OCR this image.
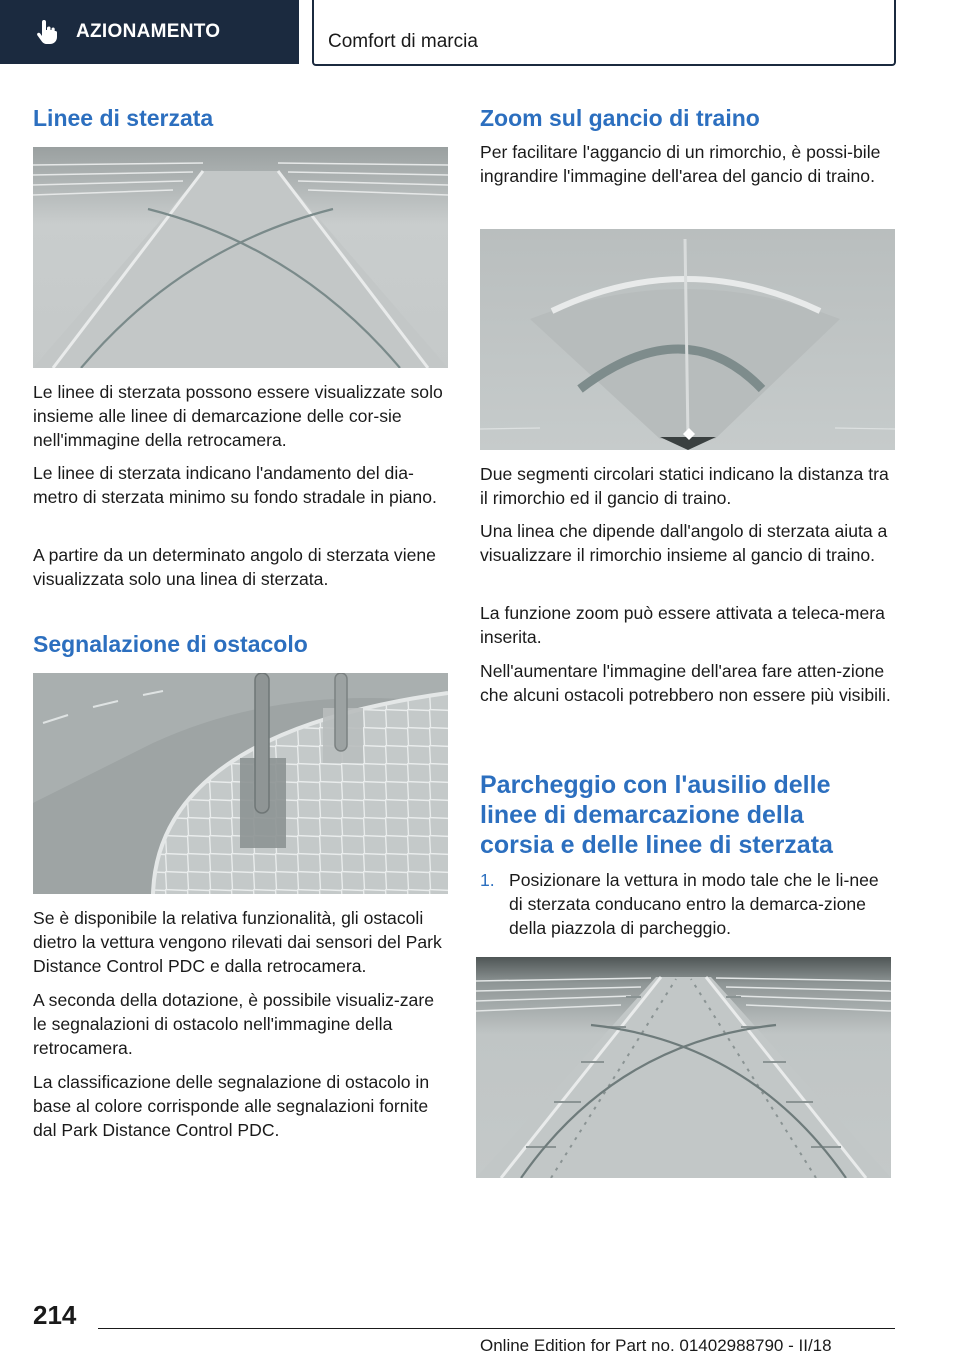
AZIONAMENTO	Comfort di marcia
Linee di sterzata

Le linee di sterzata possono essere visualizzate solo insieme alle linee di demarcazione delle cor-sie nell'immagine della retrocamera.

Le linee di sterzata indicano l'andamento del dia-metro di sterzata minimo su fondo stradale in piano.

A partire da un determinato angolo di sterzata viene visualizzata solo una linea di sterzata.

Segnalazione di ostacolo

Se è disponibile la relativa funzionalità, gli ostacoli dietro la vettura vengono rilevati dai sensori del Park Distance Control PDC e dalla retrocamera.

A seconda della dotazione, è possibile visualiz-zare le segnalazioni di ostacolo nell'immagine della retrocamera.

La classificazione delle segnalazione di ostacolo in base al colore corrisponde alle segnalazioni fornite dal Park Distance Control PDC.

Zoom sul gancio di traino

Per facilitare l'aggancio di un rimorchio, è possi-bile ingrandire l'immagine dell'area del gancio di traino.

Due segmenti circolari statici indicano la distanza tra il rimorchio ed il gancio di traino.

Una linea che dipende dall'angolo di sterzata aiuta a visualizzare il rimorchio insieme al gancio di traino.

La funzione zoom può essere attivata a teleca-mera inserita.

Nell'aumentare l'immagine dell'area fare atten-zione che alcuni ostacoli potrebbero non essere più visibili.

Parcheggio con l'ausilio delle
linee di demarcazione della
corsia e delle linee di sterzata
1. Posizionare la vettura in modo tale che le li-nee di sterzata conducano entro la demarca-zione della piazzola di parcheggio.
214
Online Edition for Part no. 01402988790 - II/18
